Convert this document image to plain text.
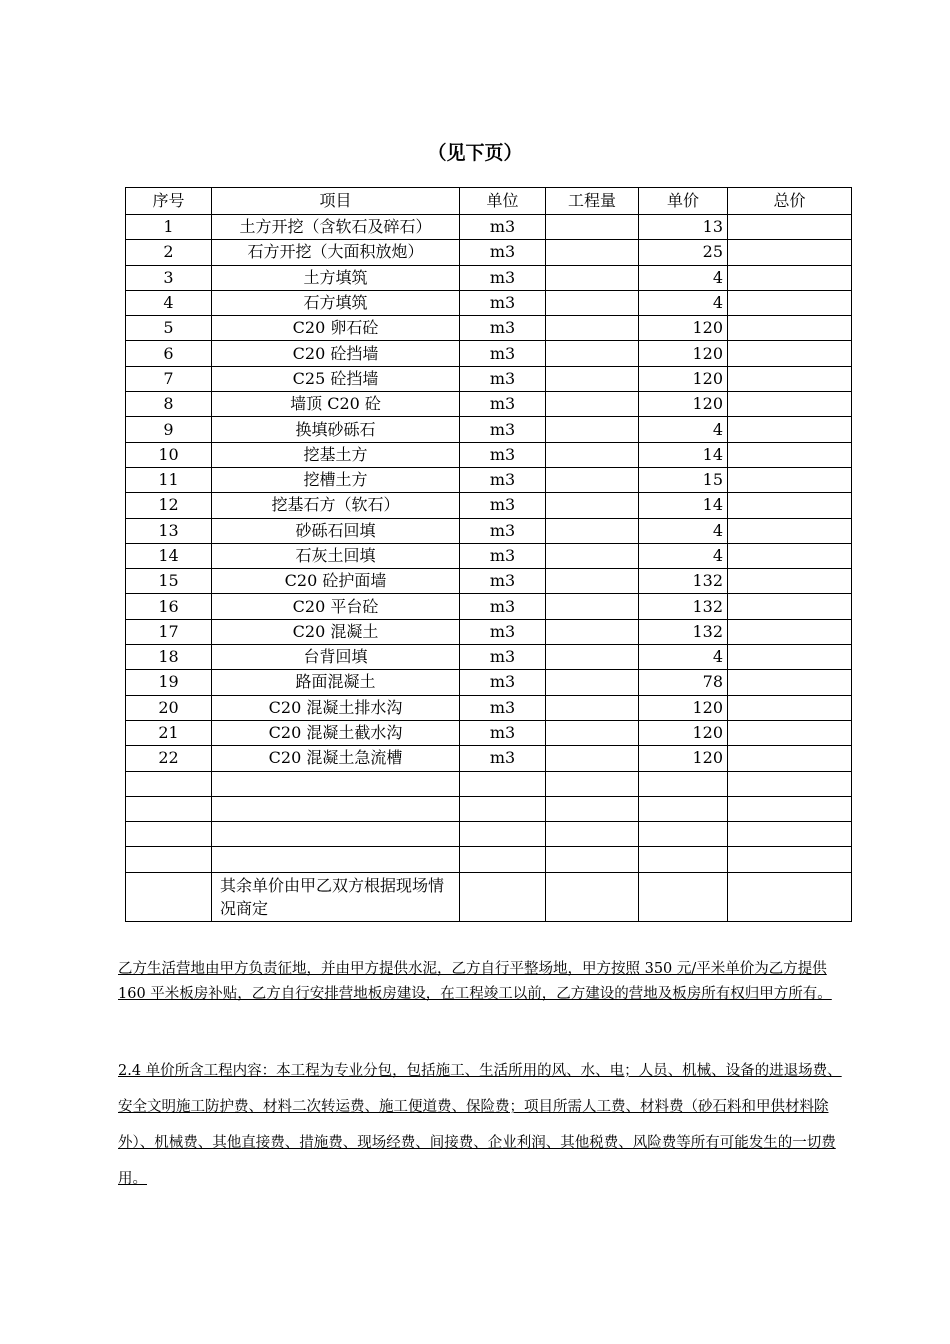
（见下页）
序号	项目	单位	工程量	单价	总价
1	土方开挖（含软石及碎石）	m3		13	
2	石方开挖（大面积放炮）	m3		25	
3	土方填筑	m3		4	
4	石方填筑	m3		4	
5	C20 卵石砼	m3		120	
6	C20 砼挡墙	m3		120	
7	C25 砼挡墙	m3		120	
8	墙顶 C20 砼	m3		120	
9	换填砂砾石	m3		4	
10	挖基土方	m3		14	
11	挖槽土方	m3		15	
12	挖基石方（软石）	m3		14	
13	砂砾石回填	m3		4	
14	石灰土回填	m3		4	
15	C20 砼护面墙	m3		132	
16	C20 平台砼	m3		132	
17	C20 混凝土	m3		132	
18	台背回填	m3		4	
19	路面混凝土	m3		78	
20	C20 混凝土排水沟	m3		120	
21	C20 混凝土截水沟	m3		120	
22	C20 混凝土急流槽	m3		120	

	其余单价由甲乙双方根据现场情况商定				
乙方生活营地由甲方负责征地，并由甲方提供水泥，乙方自行平整场地，甲方按照 350 元/平米单价为乙方提供 160 平米板房补贴，乙方自行安排营地板房建设，在工程竣工以前，乙方建设的营地及板房所有权归甲方所有。
2.4 单价所含工程内容：本工程为专业分包，包括施工、生活所用的风、水、电；人员、机械、设备的进退场费、安全文明施工防护费、材料二次转运费、施工便道费、保险费；项目所需人工费、材料费（砂石料和甲供材料除外）、机械费、其他直接费、措施费、现场经费、间接费、企业利润、其他税费、风险费等所有可能发生的一切费用。
